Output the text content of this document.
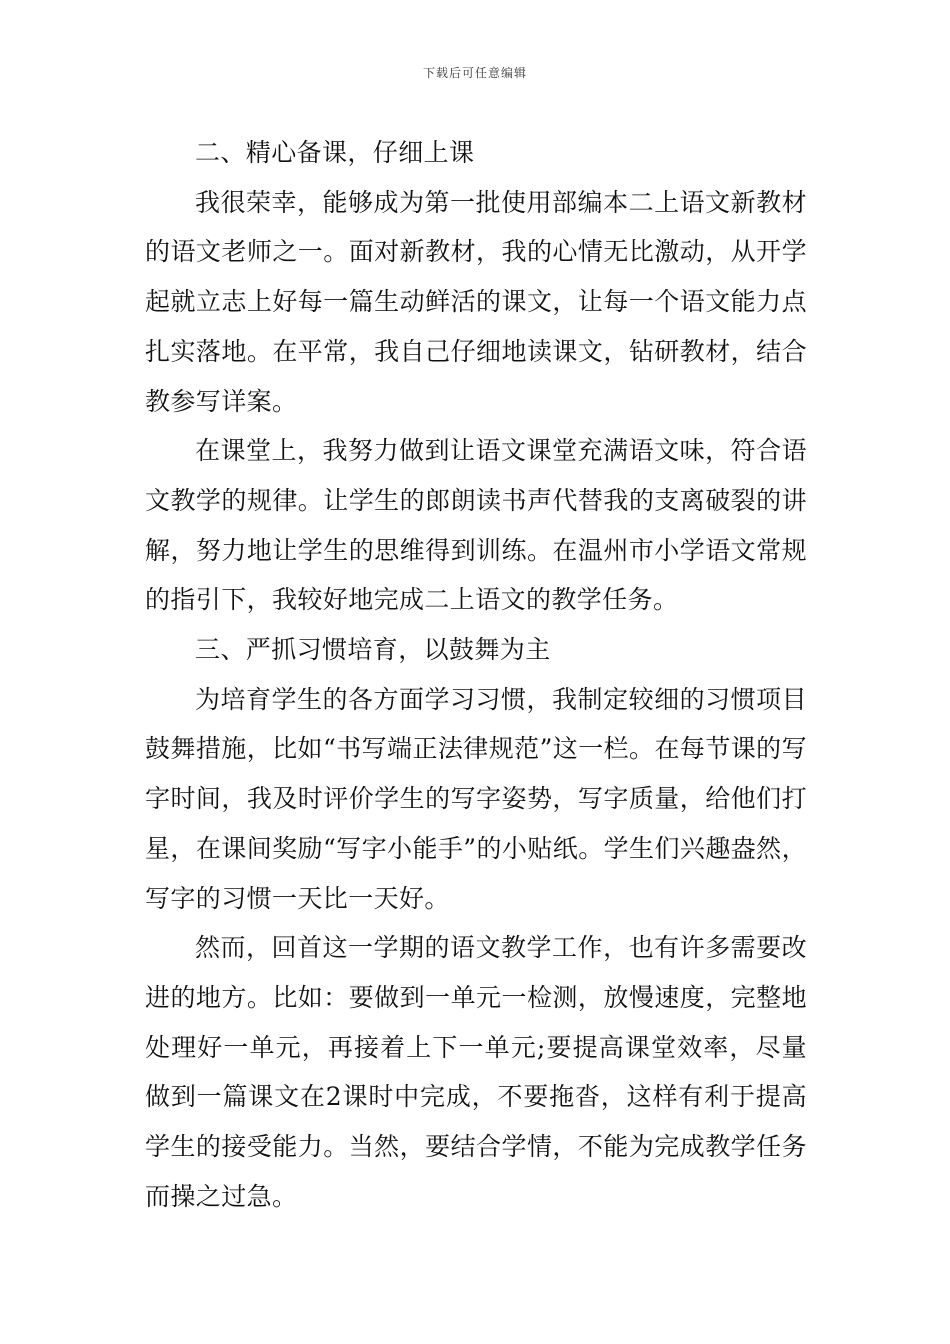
下载后可任意编辑

二、精心备课，仔细上课

我很荣幸，能够成为第一批使用部编本二上语文新教材的语文老师之一。面对新教材，我的心情无比激动，从开学起就立志上好每一篇生动鲜活的课文，让每一个语文能力点扎实落地。在平常，我自己仔细地读课文，钻研教材，结合教参写详案。

在课堂上，我努力做到让语文课堂充满语文味，符合语文教学的规律。让学生的郎朗读书声代替我的支离破裂的讲解，努力地让学生的思维得到训练。在温州市小学语文常规的指引下，我较好地完成二上语文的教学任务。

三、严抓习惯培育，以鼓舞为主

为培育学生的各方面学习习惯，我制定较细的习惯项目鼓舞措施，比如“书写端正法律规范”这一栏。在每节课的写字时间，我及时评价学生的写字姿势，写字质量，给他们打星，在课间奖励“写字小能手”的小贴纸。学生们兴趣盎然，写字的习惯一天比一天好。

然而，回首这一学期的语文教学工作，也有许多需要改进的地方。比如：要做到一单元一检测，放慢速度，完整地处理好一单元，再接着上下一单元;要提高课堂效率，尽量做到一篇课文在2课时中完成，不要拖沓，这样有利于提高学生的接受能力。当然，要结合学情，不能为完成教学任务而操之过急。
